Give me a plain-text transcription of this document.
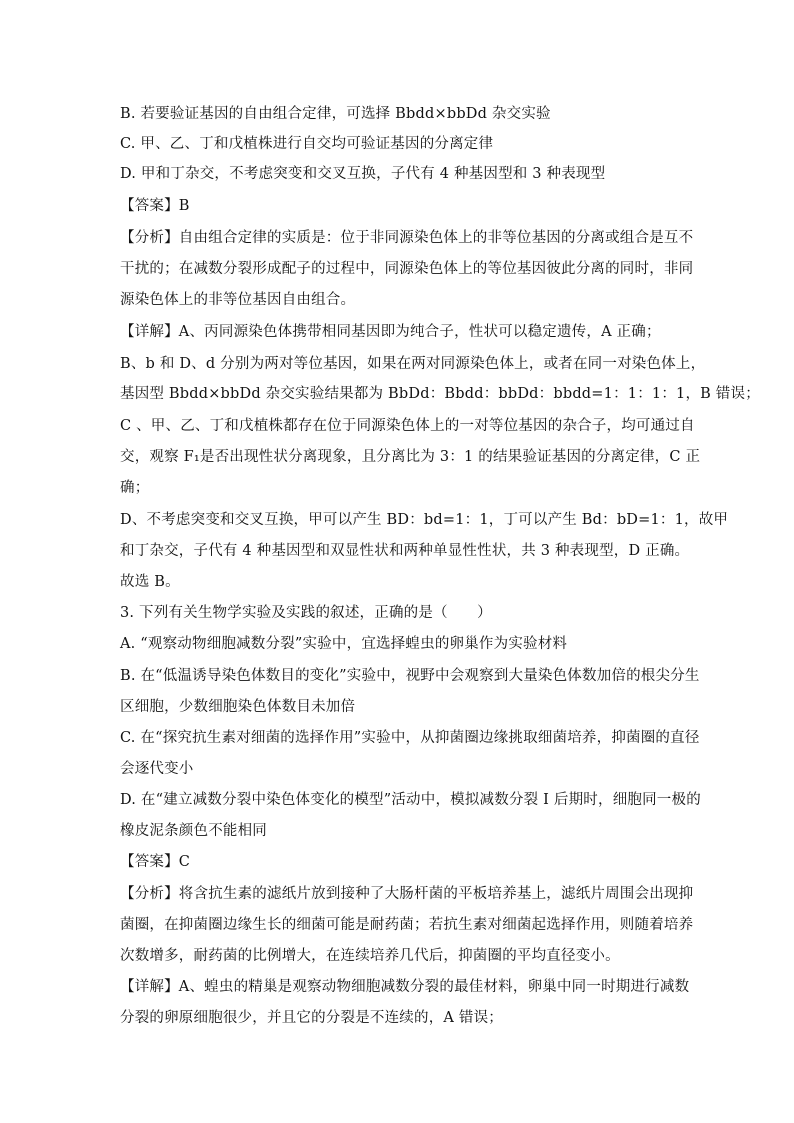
B. 若要验证基因的自由组合定律，可选择 Bbdd×bbDd 杂交实验
C. 甲、乙、丁和戊植株进行自交均可验证基因的分离定律
D. 甲和丁杂交，不考虑突变和交叉互换，子代有 4 种基因型和 3 种表现型
【答案】B
【分析】自由组合定律的实质是：位于非同源染色体上的非等位基因的分离或组合是互不
干扰的；在减数分裂形成配子的过程中，同源染色体上的等位基因彼此分离的同时，非同
源染色体上的非等位基因自由组合。
【详解】A、丙同源染色体携带相同基因即为纯合子，性状可以稳定遗传，A 正确；
B、b 和 D、d 分别为两对等位基因，如果在两对同源染色体上，或者在同一对染色体上，
基因型 Bbdd×bbDd 杂交实验结果都为 BbDd：Bbdd：bbDd：bbdd=1：1：1：1，B 错误；
C 、甲、乙、丁和戊植株都存在位于同源染色体上的一对等位基因的杂合子，均可通过自
交，观察 F₁是否出现性状分离现象，且分离比为 3：1 的结果验证基因的分离定律，C 正
确；
D、不考虑突变和交叉互换，甲可以产生 BD：bd=1：1，丁可以产生 Bd：bD=1：1，故甲
和丁杂交，子代有 4 种基因型和双显性状和两种单显性性状，共 3 种表现型，D 正确。
故选 B。
3. 下列有关生物学实验及实践的叙述，正确的是（　　）
A. “观察动物细胞减数分裂”实验中，宜选择蝗虫的卵巢作为实验材料
B. 在“低温诱导染色体数目的变化”实验中，视野中会观察到大量染色体数加倍的根尖分生
区细胞，少数细胞染色体数目未加倍
C. 在“探究抗生素对细菌的选择作用”实验中，从抑菌圈边缘挑取细菌培养，抑菌圈的直径
会逐代变小
D. 在“建立减数分裂中染色体变化的模型”活动中，模拟减数分裂 I 后期时，细胞同一极的
橡皮泥条颜色不能相同
【答案】C
【分析】将含抗生素的滤纸片放到接种了大肠杆菌的平板培养基上，滤纸片周围会出现抑
菌圈，在抑菌圈边缘生长的细菌可能是耐药菌；若抗生素对细菌起选择作用，则随着培养
次数增多，耐药菌的比例增大，在连续培养几代后，抑菌圈的平均直径变小。
【详解】A、蝗虫的精巢是观察动物细胞减数分裂的最佳材料，卵巢中同一时期进行减数
分裂的卵原细胞很少，并且它的分裂是不连续的，A 错误；
